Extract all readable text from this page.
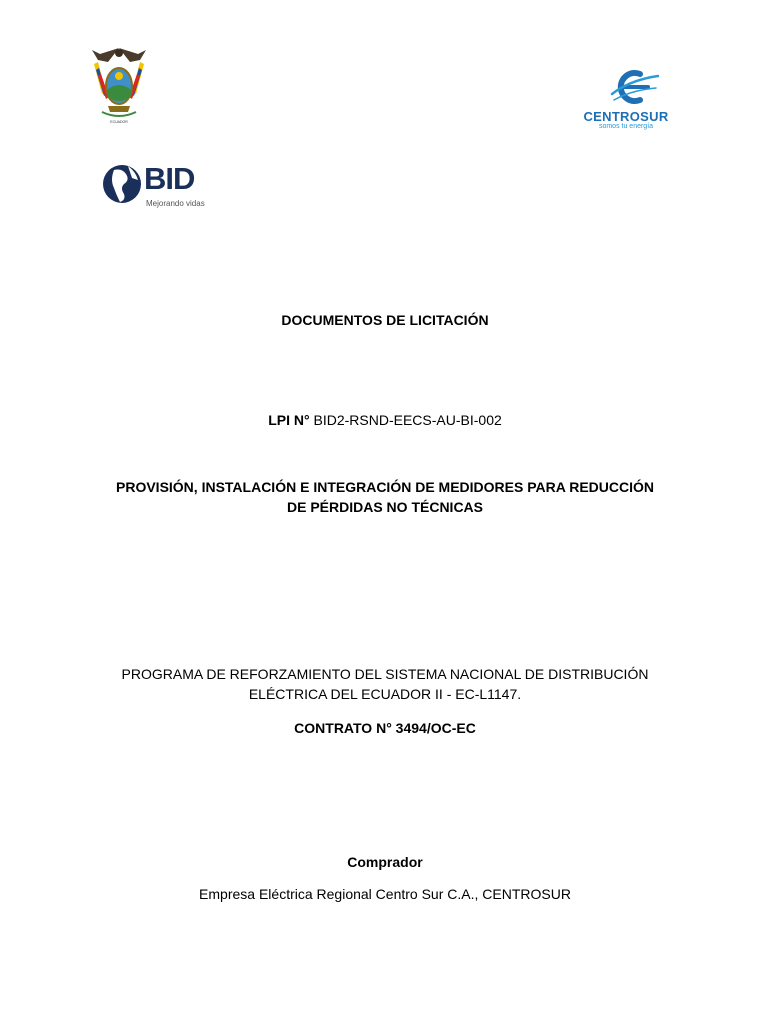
ECUADOR	CENTROSUR
somos tu energía
BID
Mejorando vidas
DOCUMENTOS DE LICITACIÓN
LPI N° BID2-RSND-EECS-AU-BI-002
PROVISIÓN, INSTALACIÓN E INTEGRACIÓN DE MEDIDORES PARA REDUCCIÓN
DE PÉRDIDAS NO TÉCNICAS
PROGRAMA DE REFORZAMIENTO DEL SISTEMA NACIONAL DE DISTRIBUCIÓN
ELÉCTRICA DEL ECUADOR II - EC-L1147.
CONTRATO N° 3494/OC-EC
Comprador
Empresa Eléctrica Regional Centro Sur C.A., CENTROSUR
